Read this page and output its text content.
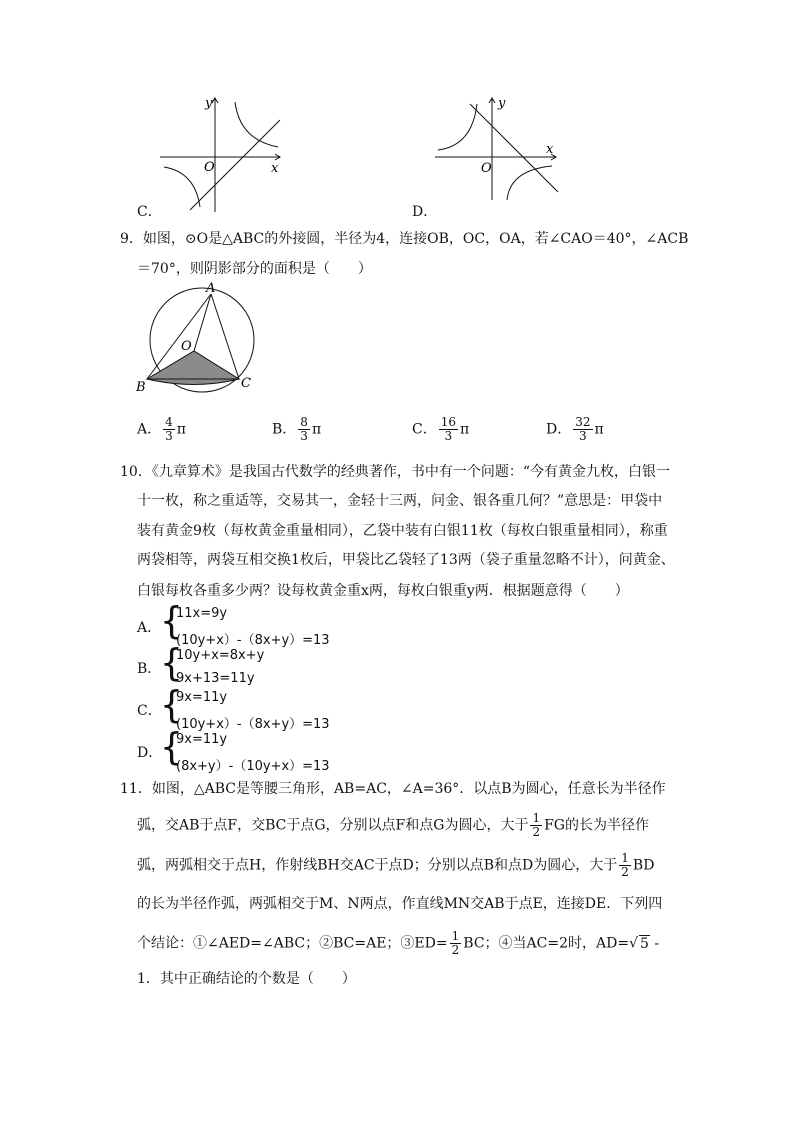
y
x
O
C．
y
x
O
D．
9．如图，⊙O是△ABC的外接圆，半径为4，连接OB，OC，OA，若∠CAO＝40°，∠ACB
＝70°，则阴影部分的面积是（　　）
A
O
B	C
A． $\frac{4}{3}$ π	B． $\frac{8}{3}$ π	C． $\frac{16}{3}$ π	D． $\frac{32}{3}$ π
10．《九章算术》是我国古代数学的经典著作，书中有一个问题：“今有黄金九枚，白银一
十一枚，称之重适等，交易其一，金轻十三两，问金、银各重几何？”意思是：甲袋中
装有黄金9枚（每枚黄金重量相同），乙袋中装有白银11枚（每枚白银重量相同），称重
两袋相等，两袋互相交换1枚后，甲袋比乙袋轻了13两（袋子重量忽略不计），问黄金、
白银每枚各重多少两？设每枚黄金重x两，每枚白银重y两．根据题意得（　　）
A．
{
11x=9y
(10y+x）-（8x+y）=13
B．
{
10y+x=8x+y
9x+13=11y
C．
{
9x=11y
(10y+x）-（8x+y）=13
D．
{
9x=11y
(8x+y）-（10y+x）=13
11．如图，△ABC是等腰三角形，AB=AC，∠A=36°．以点B为圆心，任意长为半径作
弧，交AB于点F，交BC于点G，分别以点F和点G为圆心，大于 $\frac{1}{2}$ FG的长为半径作
弧，两弧相交于点H，作射线BH交AC于点D；分别以点B和点D为圆心，大于 $\frac{1}{2}$ BD
的长为半径作弧，两弧相交于M、N两点，作直线MN交AB于点E，连接DE．下列四
个结论：①∠AED=∠ABC；②BC=AE；③ED= $\frac{1}{2}$ BC；④当AC=2时，AD=√ 5 -
1．其中正确结论的个数是（　　）
